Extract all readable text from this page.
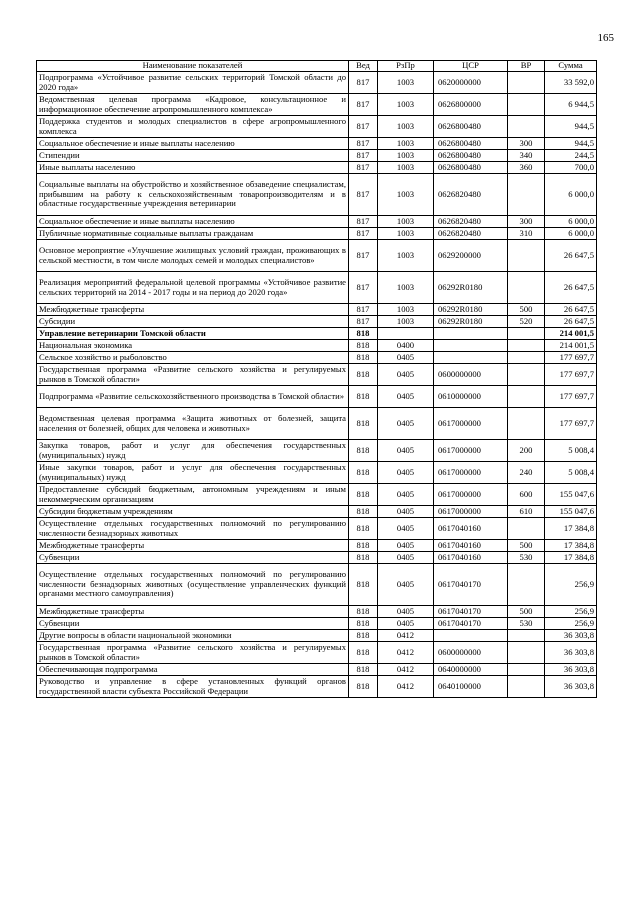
165
Наименование показателей	Вед	РзПр	ЦСР	ВР	Сумма
Подпрограмма «Устойчивое развитие сельских территорий Томской области до 2020 года»	817	1003	0620000000		33 592,0
Ведомственная целевая программа «Кадровое, консультационное и информационное обеспечение агропромышленного комплекса»	817	1003	0626800000		6 944,5
Поддержка студентов и молодых специалистов в сфере агропромышленного комплекса	817	1003	0626800480		944,5
Социальное обеспечение и иные выплаты населению	817	1003	0626800480	300	944,5
Стипендии	817	1003	0626800480	340	244,5
Иные выплаты населению	817	1003	0626800480	360	700,0
Социальные выплаты на обустройство и хозяйственное обзаведение специалистам, прибывшим на работу к сельскохозяйственным товаропроизводителям и в областные государственные учреждения ветеринарии	817	1003	0626820480		6 000,0
Социальное обеспечение и иные выплаты населению	817	1003	0626820480	300	6 000,0
Публичные нормативные социальные выплаты гражданам	817	1003	0626820480	310	6 000,0
Основное мероприятие «Улучшение жилищных условий граждан, проживающих в сельской местности, в том числе молодых семей и молодых специалистов»	817	1003	0629200000		26 647,5
Реализация мероприятий федеральной целевой программы «Устойчивое развитие сельских территорий на 2014 - 2017 годы и на период до 2020 года»	817	1003	06292R0180		26 647,5
Межбюджетные трансферты	817	1003	06292R0180	500	26 647,5
Субсидии	817	1003	06292R0180	520	26 647,5
Управление ветеринарии Томской области	818				214 001,5
Национальная экономика	818	0400			214 001,5
Сельское хозяйство и рыболовство	818	0405			177 697,7
Государственная программа «Развитие сельского хозяйства и регулируемых рынков в Томской области»	818	0405	0600000000		177 697,7
Подпрограмма «Развитие сельскохозяйственного производства в Томской области»	818	0405	0610000000		177 697,7
Ведомственная целевая программа «Защита животных от болезней, защита населения от болезней, общих для человека и животных»	818	0405	0617000000		177 697,7
Закупка товаров, работ и услуг для обеспечения государственных (муниципальных) нужд	818	0405	0617000000	200	5 008,4
Иные закупки товаров, работ и услуг для обеспечения государственных (муниципальных) нужд	818	0405	0617000000	240	5 008,4
Предоставление субсидий бюджетным, автономным учреждениям и иным некоммерческим организациям	818	0405	0617000000	600	155 047,6
Субсидии бюджетным учреждениям	818	0405	0617000000	610	155 047,6
Осуществление отдельных государственных полномочий по регулированию численности безнадзорных животных	818	0405	0617040160		17 384,8
Межбюджетные трансферты	818	0405	0617040160	500	17 384,8
Субвенции	818	0405	0617040160	530	17 384,8
Осуществление отдельных государственных полномочий по регулированию численности безнадзорных животных (осуществление управленческих функций органами местного самоуправления)	818	0405	0617040170		256,9
Межбюджетные трансферты	818	0405	0617040170	500	256,9
Субвенции	818	0405	0617040170	530	256,9
Другие вопросы в области национальной экономики	818	0412			36 303,8
Государственная программа «Развитие сельского хозяйства и регулируемых рынков в Томской области»	818	0412	0600000000		36 303,8
Обеспечивающая подпрограмма	818	0412	0640000000		36 303,8
Руководство и управление в сфере установленных функций органов государственной власти субъекта Российской Федерации	818	0412	0640100000		36 303,8
